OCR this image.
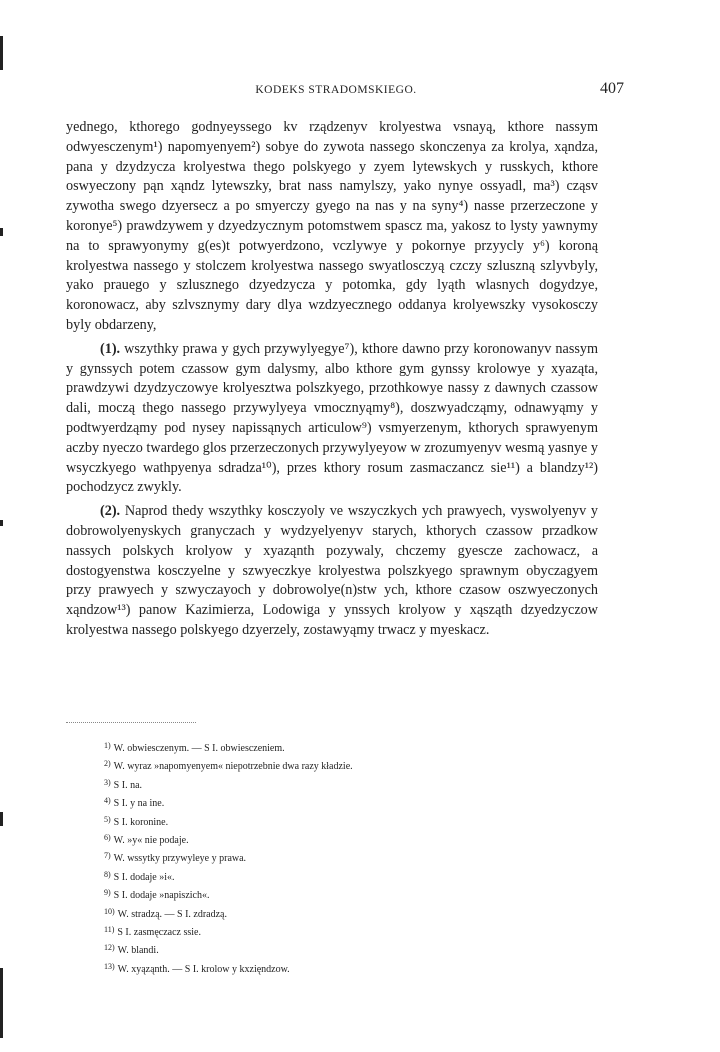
KODEKS STRADOMSKIEGO.	407

yednego, kthorego godnyeyssego kv rządzenyv krolyestwa vsnayą, kthore nassym odwyesczenym¹) napomyenyem²) sobye do zywota nassego skonczenya za krolya, xąndza, pana y dzydzycza krolyestwa thego polskyego y zyem lytewskych y russkych, kthore oswyeczony pąn xąndz lytewszky, brat nass namylszy, yako nynye ossyadl, ma³) cząsv zywotha swego dzyersecz a po smyerczy gyego na nas y na syny⁴) nasse przerzeczone y koronye⁵) prawdzywem y dzyedzycznym potomstwem spascz ma, yakosz to lysty yawnymy na to sprawyonymy g(es)t potwyerdzono, vczlywye y pokornye przyycly y⁶) koroną krolyestwa nassego y stolczem krolyestwa nassego swyatlosczyą czczy szluszną szlyvbyly, yako prauego y szlusznego dzyedzycza y potomka, gdy lyąth wlasnych dogydzye, koronowacz, aby szlvsznymy dary dlya wzdzyecznego oddanya krolyewszky vysokosczy byly obdarzeny,

(1). wszythky prawa y gych przywylyegye⁷), kthore dawno przy koronowanyv nassym y gynssych potem czassow gym dalysmy, albo kthore gym gynssy krolowye y xyaząta, prawdzywi dzydzyczowye krolyesztwa polszkyego, przothkowye nassy z dawnych czassow dali, moczą thego nassego przywylyeya vmocznyąmy⁸), doszwyadcząmy, odnawyąmy y podtwyerdząmy pod nysey napissąnych articulow⁹) vsmyerzenym, kthorych sprawyenym aczby nyeczo twardego glos przerzeczonych przywylyeyow w zrozumyenyv wesmą yasnye y wsyczkyego wathpyenya sdradza¹⁰), przes kthory rosum zasmaczancz sie¹¹) a blandzy¹²) pochodzycz zwykly.

(2). Naprod thedy wszythky kosczyoly ve wszyczkych ych prawyech, vyswolyenyv y dobrowolyenyskych granyczach y wydzyelyenyv starych, kthorych czassow przadkow nassych polskych krolyow y xyaząnth pozywaly, chczemy gyescze zachowacz, a dostogyenstwa kosczyelne y szwyeczkye krolyestwa polszkyego sprawnym obyczagyem przy prawyech y szwyczayoch y dobrowolye(n)stw ych, kthore czasow oszwyeczonych xąndzow¹³) panow Kazimierza, Lodowiga y ynssych krolyow y xąsząth dzyedzyczow krolyestwa nassego polskyego dzyerzely, zostawyąmy trwacz y myeskacz.

$^{1)}$ W. obwiesczenym. — S I. obwiesczeniem.
$^{2)}$ W. wyraz »napomyenyem« niepotrzebnie dwa razy kładzie.
$^{3)}$ S I. na.
$^{4)}$ S I. y na ine.
$^{5)}$ S I. koronine.
$^{6)}$ W. »y« nie podaje.
$^{7)}$ W. wssytky przywyleye y prawa.
$^{8)}$ S I. dodaje »i«.
$^{9)}$ S I. dodaje »napiszich«.
$^{10)}$ W. stradzą. — S I. zdradzą.
$^{11)}$ S I. zasmęczacz ssie.
$^{12)}$ W. blandi.
$^{13)}$ W. xyąząnth. — S I. krolow y kxzięndzow.
